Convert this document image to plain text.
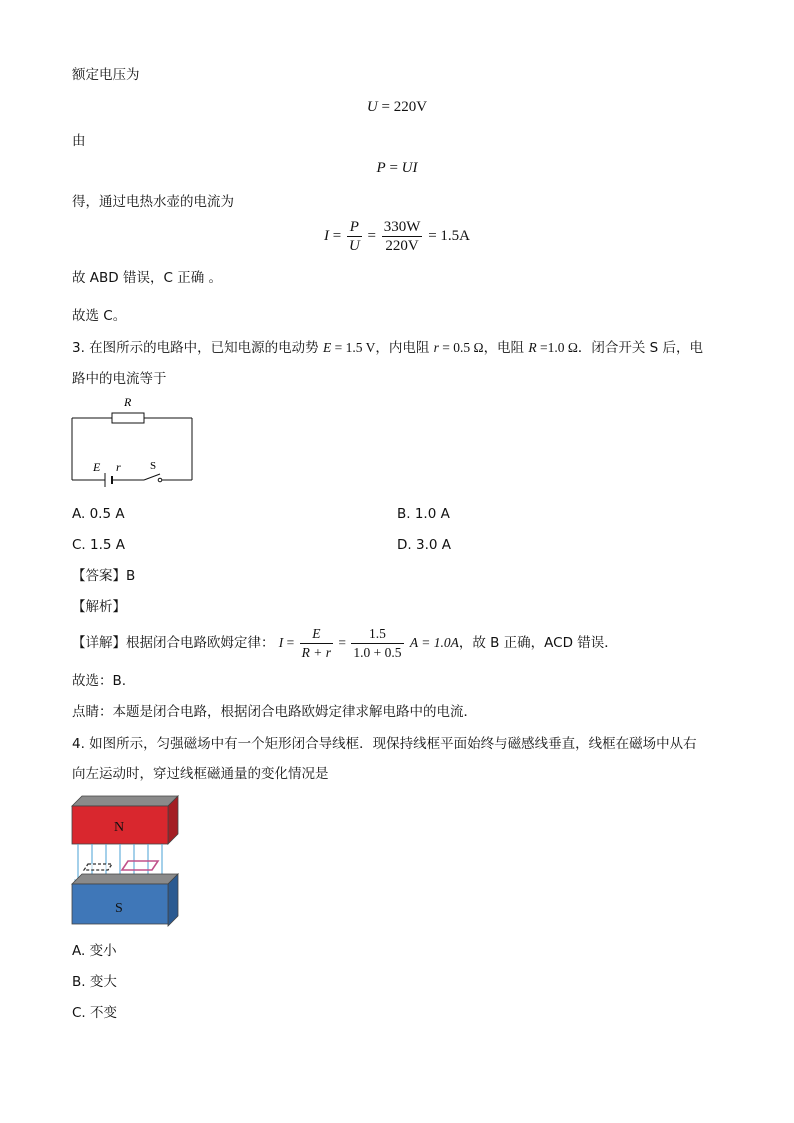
额定电压为
U = 220V
由
P = UI
得，通过电热水壶的电流为
$I = \frac{P}{U} = \frac{330W}{220V} = 1.5A$
故 ABD 错误，C 正确 。
故选 C。
3. 在图所示的电路中，已知电源的电动势 E = 1.5 V，内电阻 r = 0.5 Ω，电阻 R =1.0 Ω．闭合开关 S 后，电
路中的电流等于
R
E r	S
A. 0.5 A	B. 1.0 A
C. 1.5 A	D. 3.0 A
【答案】B
【解析】
【详解】根据闭合电路欧姆定律： $I = \frac{E}{R + r} = \frac{1.5}{1.0 + 0.5}$ A = 1.0A，故 B 正确，ACD 错误．
故选：B.
点睛：本题是闭合电路，根据闭合电路欧姆定律求解电路中的电流．
4. 如图所示，匀强磁场中有一个矩形闭合导线框．现保持线框平面始终与磁感线垂直，线框在磁场中从右
向左运动时，穿过线框磁通量的变化情况是
N
S
A. 变小
B. 变大
C. 不变
